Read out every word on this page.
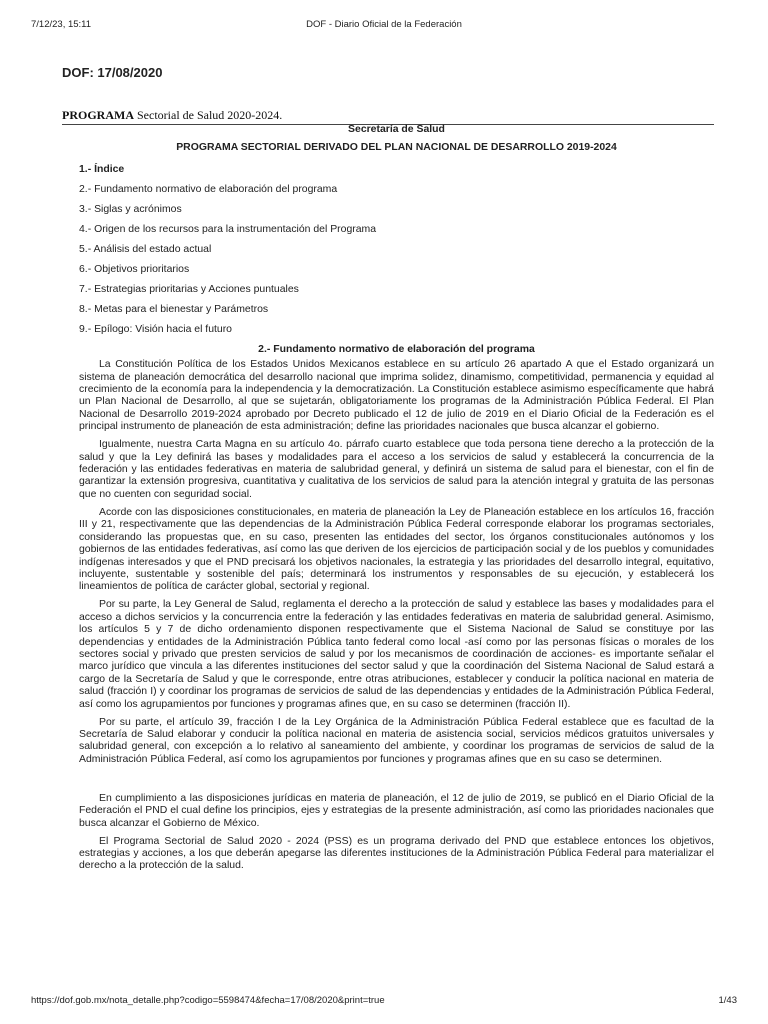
7/12/23, 15:11	DOF - Diario Oficial de la Federación
DOF: 17/08/2020
PROGRAMA Sectorial de Salud 2020-2024.
Secretaría de Salud
PROGRAMA SECTORIAL DERIVADO DEL PLAN NACIONAL DE DESARROLLO 2019-2024
1.- Índice
2.- Fundamento normativo de elaboración del programa
3.- Siglas y acrónimos
4.- Origen de los recursos para la instrumentación del Programa
5.- Análisis del estado actual
6.- Objetivos prioritarios
7.- Estrategias prioritarias y Acciones puntuales
8.- Metas para el bienestar y Parámetros
9.- Epílogo: Visión hacia el futuro
2.- Fundamento normativo de elaboración del programa

La Constitución Política de los Estados Unidos Mexicanos establece en su artículo 26 apartado A que el Estado organizará un sistema de planeación democrática del desarrollo nacional que imprima solidez, dinamismo, competitividad, permanencia y equidad al crecimiento de la economía para la independencia y la democratización. La Constitución establece asimismo específicamente que habrá un Plan Nacional de Desarrollo, al que se sujetarán, obligatoriamente los programas de la Administración Pública Federal. El Plan Nacional de Desarrollo 2019-2024 aprobado por Decreto publicado el 12 de julio de 2019 en el Diario Oficial de la Federación es el principal instrumento de planeación de esta administración; define las prioridades nacionales que busca alcanzar el gobierno.

Igualmente, nuestra Carta Magna en su artículo 4o. párrafo cuarto establece que toda persona tiene derecho a la protección de la salud y que la Ley definirá las bases y modalidades para el acceso a los servicios de salud y establecerá la concurrencia de la federación y las entidades federativas en materia de salubridad general, y definirá un sistema de salud para el bienestar, con el fin de garantizar la extensión progresiva, cuantitativa y cualitativa de los servicios de salud para la atención integral y gratuita de las personas que no cuenten con seguridad social.

Acorde con las disposiciones constitucionales, en materia de planeación la Ley de Planeación establece en los artículos 16, fracción III y 21, respectivamente que las dependencias de la Administración Pública Federal corresponde elaborar los programas sectoriales, considerando las propuestas que, en su caso, presenten las entidades del sector, los órganos constitucionales autónomos y los gobiernos de las entidades federativas, así como las que deriven de los ejercicios de participación social y de los pueblos y comunidades indígenas interesados y que el PND precisará los objetivos nacionales, la estrategia y las prioridades del desarrollo integral, equitativo, incluyente, sustentable y sostenible del país; determinará los instrumentos y responsables de su ejecución, y establecerá los lineamientos de política de carácter global, sectorial y regional.

Por su parte, la Ley General de Salud, reglamenta el derecho a la protección de salud y establece las bases y modalidades para el acceso a dichos servicios y la concurrencia entre la federación y las entidades federativas en materia de salubridad general. Asimismo, los artículos 5 y 7 de dicho ordenamiento disponen respectivamente que el Sistema Nacional de Salud se constituye por las dependencias y entidades de la Administración Pública tanto federal como local -así como por las personas físicas o morales de los sectores social y privado que presten servicios de salud y por los mecanismos de coordinación de acciones- es importante señalar el marco jurídico que vincula a las diferentes instituciones del sector salud y que la coordinación del Sistema Nacional de Salud estará a cargo de la Secretaría de Salud y que le corresponde, entre otras atribuciones, establecer y conducir la política nacional en materia de salud (fracción I) y coordinar los programas de servicios de salud de las dependencias y entidades de la Administración Pública Federal, así como los agrupamientos por funciones y programas afines que, en su caso se determinen (fracción II).

Por su parte, el artículo 39, fracción I de la Ley Orgánica de la Administración Pública Federal establece que es facultad de la Secretaría de Salud elaborar y conducir la política nacional en materia de asistencia social, servicios médicos gratuitos universales y salubridad general, con excepción a lo relativo al saneamiento del ambiente, y coordinar los programas de servicios de salud de la Administración Pública Federal, así como los agrupamientos por funciones y programas afines que en su caso se determinen.

En cumplimiento a las disposiciones jurídicas en materia de planeación, el 12 de julio de 2019, se publicó en el Diario Oficial de la Federación el PND el cual define los principios, ejes y estrategias de la presente administración, así como las prioridades nacionales que busca alcanzar el Gobierno de México.

El Programa Sectorial de Salud 2020 - 2024 (PSS) es un programa derivado del PND que establece entonces los objetivos, estrategias y acciones, a los que deberán apegarse las diferentes instituciones de la Administración Pública Federal para materializar el derecho a la protección de la salud.

https://dof.gob.mx/nota_detalle.php?codigo=5598474&fecha=17/08/2020&print=true	1/43
